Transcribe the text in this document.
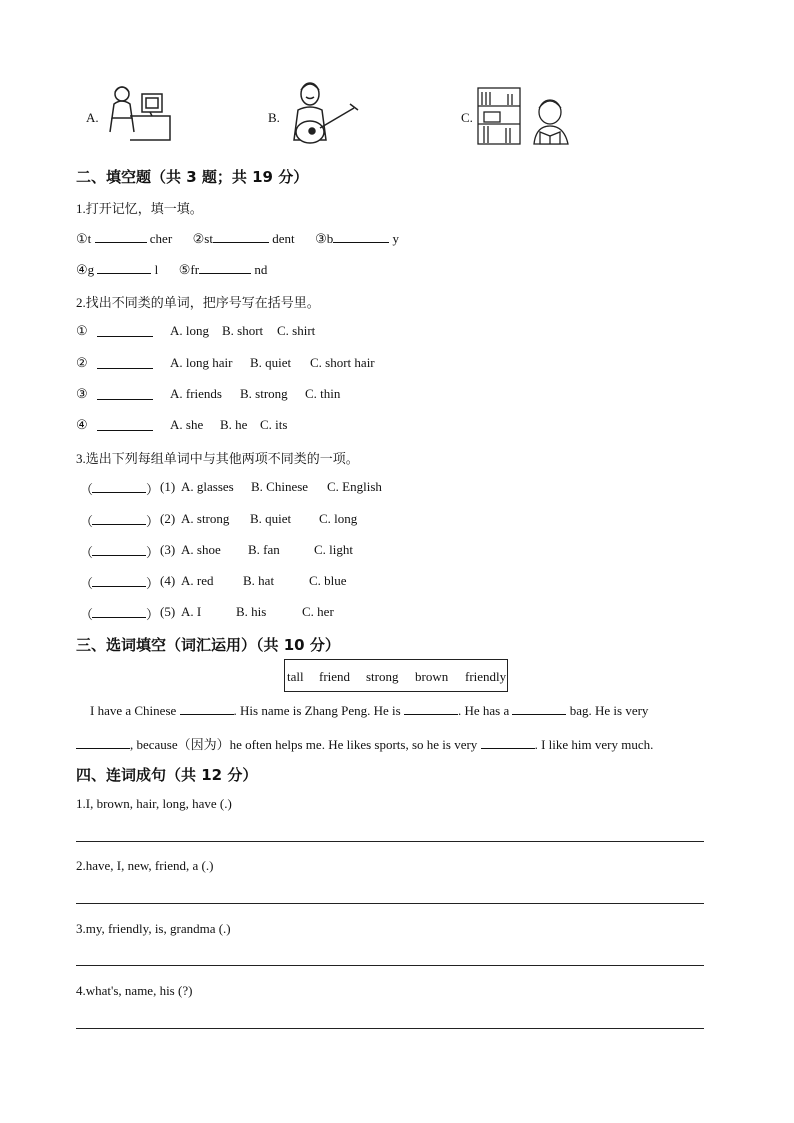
A.	B.	C.
二、填空题（共 3 题；共 19 分）
1.打开记忆，填一填。
①t	cher ②st	dent ③b	y
④g	l ⑤fr	nd
2.找出不同类的单词，把序号写在括号里。
①	A. long B. short C. shirt
②	A. long hair B. quiet C. short hair
③	A. friends B. strong C. thin
④	A. she B. he C. its
3.选出下列每组单词中与其他两项不同类的一项。
（	） (1) A. glasses B. Chinese C. English
（	） (2) A. strong B. quiet C. long
（	） (3) A. shoe B. fan	C. light
（	） (4) A. red B. hat	C. blue
（	） (5) A. I	B. his	C. her
三、选词填空（词汇运用）（共 10 分）
tall friend strong brown friendly
I have a Chinese	. His name is Zhang Peng. He is	. He has a	bag. He is very
, because（因为）he often helps me. He likes sports, so he is very	. I like him very much.
四、连词成句（共 12 分）
1.I, brown, hair, long, have (.)
2.have, I, new, friend, a (.)
3.my, friendly, is, grandma (.)
4.what's, name, his (?)
